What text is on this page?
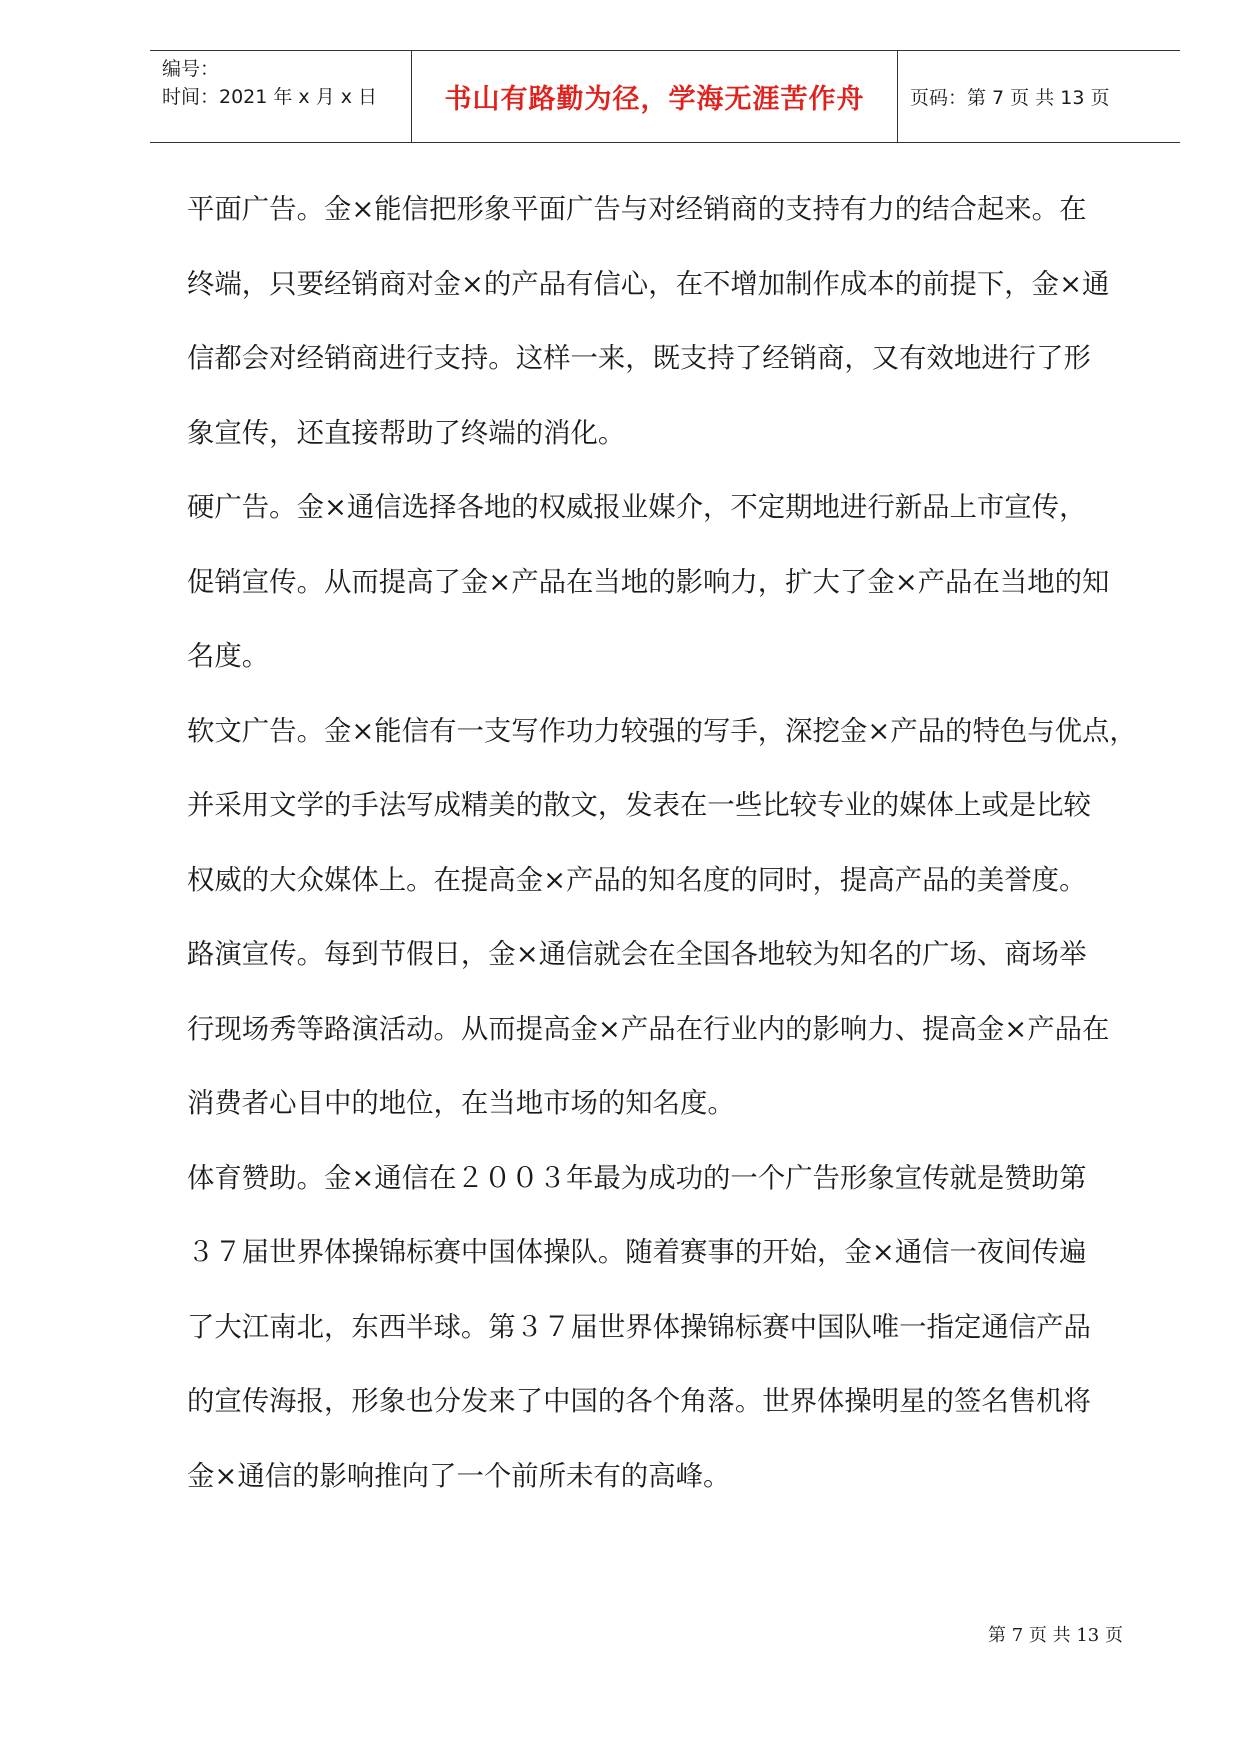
编号：
时间：2021 年 x 月 x 日	书山有路勤为径，学海无涯苦作舟 页码：第 7 页 共 13 页
平面广告。金×能信把形象平面广告与对经销商的支持有力的结合起来。在
终端，只要经销商对金×的产品有信心，在不增加制作成本的前提下，金×通
信都会对经销商进行支持。这样一来，既支持了经销商，又有效地进行了形
象宣传，还直接帮助了终端的消化。
硬广告。金×通信选择各地的权威报业媒介，不定期地进行新品上市宣传，
促销宣传。从而提高了金×产品在当地的影响力，扩大了金×产品在当地的知
名度。
软文广告。金×能信有一支写作功力较强的写手，深挖金×产品的特色与优点，
并采用文学的手法写成精美的散文，发表在一些比较专业的媒体上或是比较
权威的大众媒体上。在提高金×产品的知名度的同时，提高产品的美誉度。
路演宣传。每到节假日，金×通信就会在全国各地较为知名的广场、商场举
行现场秀等路演活动。从而提高金×产品在行业内的影响力、提高金×产品在
消费者心目中的地位，在当地市场的知名度。
体育赞助。金×通信在２００３年最为成功的一个广告形象宣传就是赞助第
３７届世界体操锦标赛中国体操队。随着赛事的开始，金×通信一夜间传遍
了大江南北，东西半球。第３７届世界体操锦标赛中国队唯一指定通信产品
的宣传海报，形象也分发来了中国的各个角落。世界体操明星的签名售机将
金×通信的影响推向了一个前所未有的高峰。
第 7 页 共 13 页
